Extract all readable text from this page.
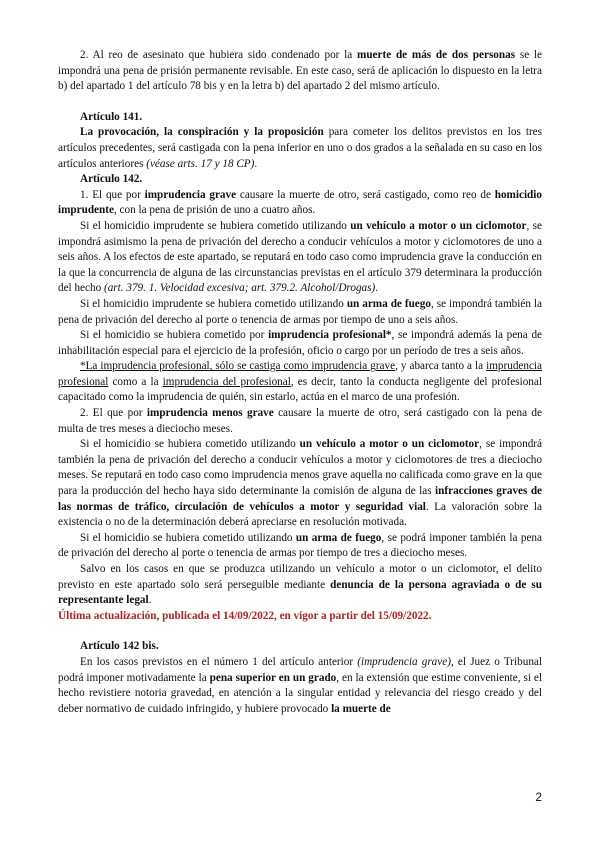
2. Al reo de asesinato que hubiera sido condenado por la muerte de más de dos personas se le impondrá una pena de prisión permanente revisable. En este caso, será de aplicación lo dispuesto en la letra b) del apartado 1 del artículo 78 bis y en la letra b) del apartado 2 del mismo artículo.

Artículo 141.

La provocación, la conspiración y la proposición para cometer los delitos previstos en los tres artículos precedentes, será castigada con la pena inferior en uno o dos grados a la señalada en su caso en los artículos anteriores (véase arts. 17 y 18 CP).

Artículo 142.

1. El que por imprudencia grave causare la muerte de otro, será castigado, como reo de homicidio imprudente, con la pena de prisión de uno a cuatro años.

Si el homicidio imprudente se hubiera cometido utilizando un vehículo a motor o un ciclomotor, se impondrá asimismo la pena de privación del derecho a conducir vehículos a motor y ciclomotores de uno a seis años. A los efectos de este apartado, se reputará en todo caso como imprudencia grave la conducción en la que la concurrencia de alguna de las circunstancias previstas en el artículo 379 determinara la producción del hecho (art. 379. 1. Velocidad excesiva; art. 379.2. Alcohol/Drogas).

Si el homicidio imprudente se hubiera cometido utilizando un arma de fuego, se impondrá también la pena de privación del derecho al porte o tenencia de armas por tiempo de uno a seis años.

Si el homicidio se hubiera cometido por imprudencia profesional*, se impondrá además la pena de inhabilitación especial para el ejercicio de la profesión, oficio o cargo por un período de tres a seis años.

*La imprudencia profesional, sólo se castiga como imprudencia grave, y abarca tanto a la imprudencia profesional como a la imprudencia del profesional, es decir, tanto la conducta negligente del profesional capacitado como la imprudencia de quién, sin estarlo, actúa en el marco de una profesión.

2. El que por imprudencia menos grave causare la muerte de otro, será castigado con la pena de multa de tres meses a dieciocho meses.

Si el homicidio se hubiera cometido utilizando un vehículo a motor o un ciclomotor, se impondrá también la pena de privación del derecho a conducir vehículos a motor y ciclomotores de tres a dieciocho meses. Se reputará en todo caso como imprudencia menos grave aquella no calificada como grave en la que para la producción del hecho haya sido determinante la comisión de alguna de las infracciones graves de las normas de tráfico, circulación de vehículos a motor y seguridad vial. La valoración sobre la existencia o no de la determinación deberá apreciarse en resolución motivada.

Si el homicidio se hubiera cometido utilizando un arma de fuego, se podrá imponer también la pena de privación del derecho al porte o tenencia de armas por tiempo de tres a dieciocho meses.

Salvo en los casos en que se produzca utilizando un vehículo a motor o un ciclomotor, el delito previsto en este apartado solo será perseguible mediante denuncia de la persona agraviada o de su representante legal.

Última actualización, publicada el 14/09/2022, en vigor a partir del 15/09/2022.

Artículo 142 bis.

En los casos previstos en el número 1 del artículo anterior (imprudencia grave), el Juez o Tribunal podrá imponer motivadamente la pena superior en un grado, en la extensión que estime conveniente, si el hecho revistiere notoria gravedad, en atención a la singular entidad y relevancia del riesgo creado y del deber normativo de cuidado infringido, y hubiere provocado la muerte de

2
